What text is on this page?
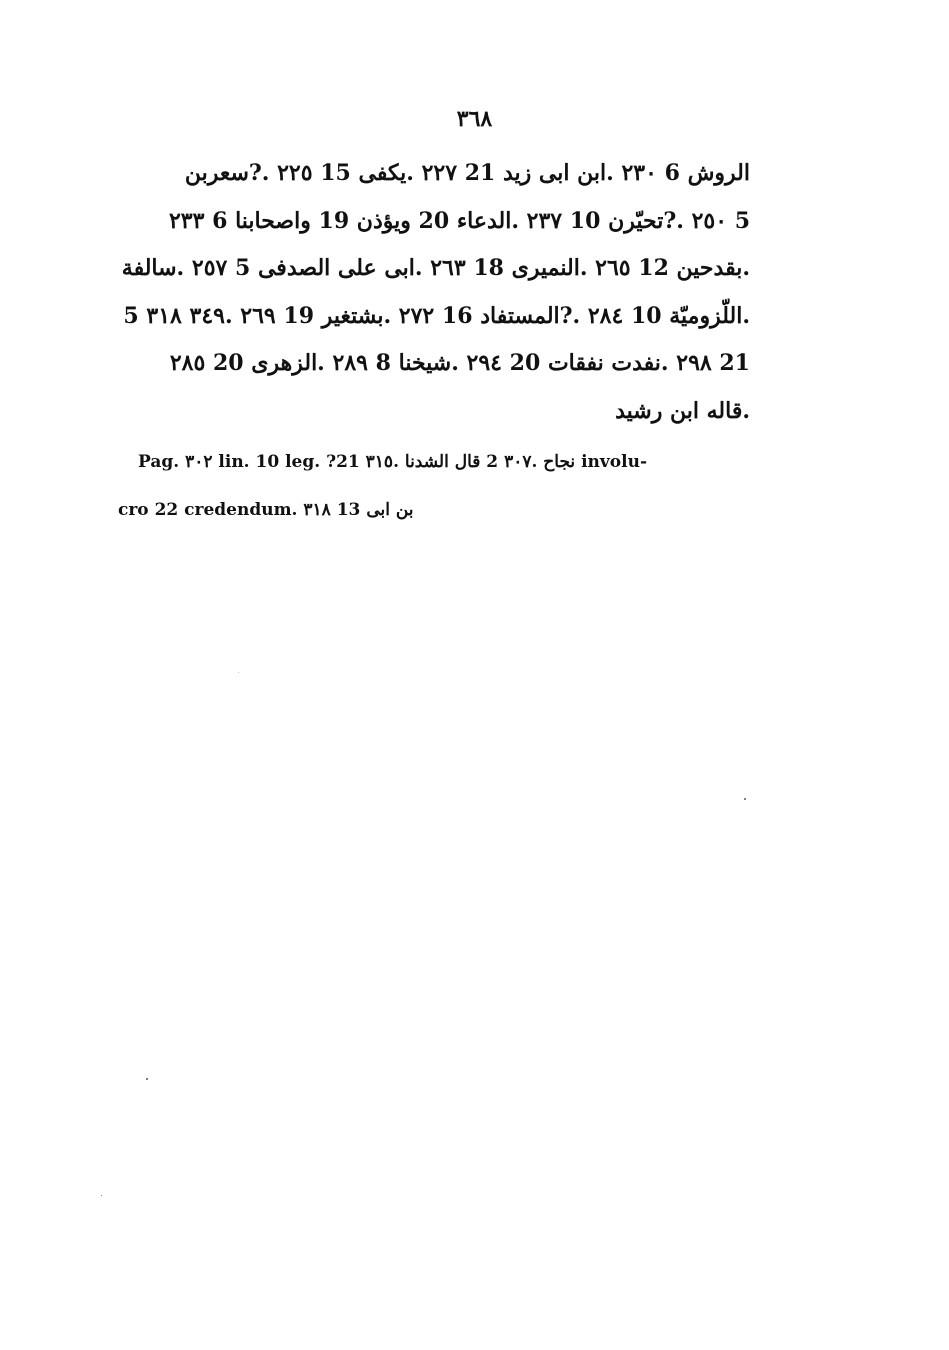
٣٦٨
الروش 6 ٢٣٠ .ابن ابى زيد 21 ٢٢٧ .يكفى 15 ٢٢٥ .?سعربن
5 ٢٥٠ .?تحيّرن 10 ٢٣٧ .الدعاء 20 ويؤذن 19 واصحابنا 6 ٢٣٣
.بقدحين 12 ٢٦٥ .النميرى 18 ٢٦٣ .ابى على الصدفى 5 ٢٥٧ .سالفة
.اللّزوميّة 10 ٢٨٤ .?المستفاد 16 ٢٧٢ .بشتغير 19 ٢٦٩ .٣٤٩ ٣١٨ 5
21 ٢٩٨ .نفدت نفقات 20 ٢٩٤ .شيخنا 8 ٢٨٩ .الزهرى 20 ٢٨٥
.قاله ابن رشيد
Pag. ٣٠٢ lin. 10 leg. ?نجاح .٣٠٧ 2 قال الشدنا .٣١٥ 21 involu-
cro 22 credendum. ٣١٨ 13 بن ابى
